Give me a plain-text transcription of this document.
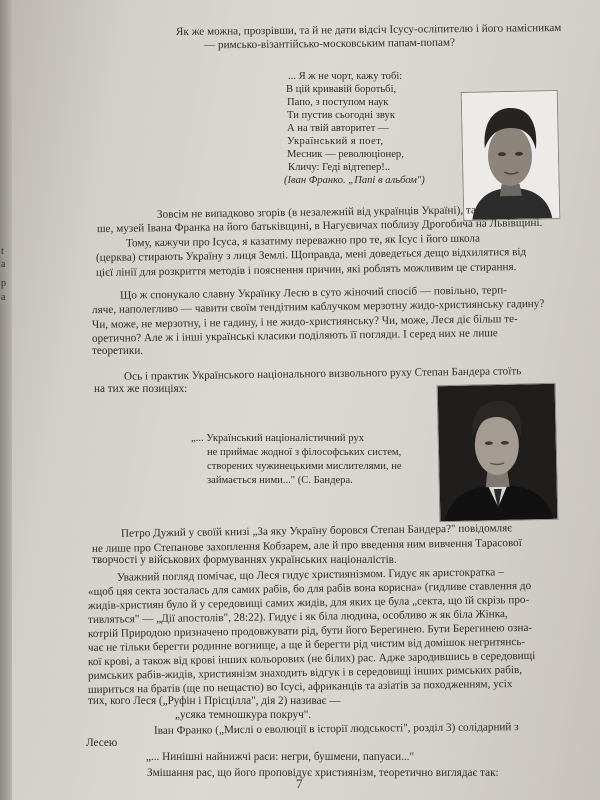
t
a
p
a
Як же можна, прозрівши, та й не дати відсіч Ісусу-осліпителю і його намісникам
— римсько-візантійсько-московським папам-попам?
... Я ж не чорт, кажу тобі:
В цій кривавій боротьбі,
Папо, з поступом наук
Ти пустив сьогодні звук
А на твій авторитет —
Український я поет,
Месник — революціонер,
Кличу: Геді відтепер!..
(Іван Франко. „Папі в альбом")
Зовсім не випадково згорів (в незалежній від українців Україні), та й вже не впер-
ше, музей Івана Франка на його батьківщині, в Нагуєвичах поблизу Дрогобича на Львівщині.
Тому, кажучи про Ісуса, я казатиму переважно про те, як Ісус і його школа
(церква) стирають Україну з лиця Землі. Щоправда, мені доведеться дещо відхилятися від
цієї лінії для розкриття методів і пояснення причин, які роблять можливим це стирання.
Що ж спонукало славну Українку Лесю в суто жіночий спосіб — повільно, терп-
ляче, наполегливо — чавити своїм тендітним каблучком мерзотну жидо-християнську гадину?
Чи, може, не мерзотну, і не гадину, і не жидо-християнську? Чи, може, Леся діє більш те-
оретично? Але ж і інші українські класики поділяють її погляди. І серед них не лише
теоретики.
Ось і практик Українського національного визвольного руху Степан Бандера стоїть
на тих же позиціях:
„... Український націоналістичний рух
не приймає жодної з філософських систем,
створених чужинецькими мислителями, не
займається ними..." (С. Бандера.
Петро Дужий у своїй книзі „За яку Україну боровся Степан Бандера?" повідомляє
не лише про Степанове захоплення Кобзарем, але й про введення ним вивчення Тарасової
творчості у військових формуваннях українських націоналістів.
Уважний погляд помічає, що Леся гидує християнізмом. Гидує як аристократка –
«щоб цяя секта зосталась для самих рабів, бо для рабів вона корисна» (гидливе ставлення до
жидів-християн було й у середовищі самих жидів, для яких це була „секта, що їй скрізь про-
тивляться" — „Дії апостолів", 28:22). Гидує і як біла людина, особливо ж як біла Жінка,
котрій Природою призначено продовжувати рід, бути його Берегинею. Бути Берегинею озна-
чає не тільки берегти родинне вогнище, а ще й берегти рід чистим від домішок негритянсь-
кої крові, а також від крові інших кольорових (не білих) рас. Адже зародившись в середовищі
римських рабів-жидів, християнізм знаходить відгук і в середовищі інших римських рабів,
шириться на братів (ще по нещастю) во Ісусі, африканців та азіатів за походженням, усіх
тих, кого Леся („Руфін і Прісцілла", дія 2) називає —
„усяка темношкура покруч".
Іван Франко („Мислі о еволюції в історії людськості", розділ 3) солідарний з
Лесею
„... Нинішні найнижчі раси: негри, бушмени, папуаси..."
Змішання рас, що його проповідує християнізм, теоретично виглядає так:
7
